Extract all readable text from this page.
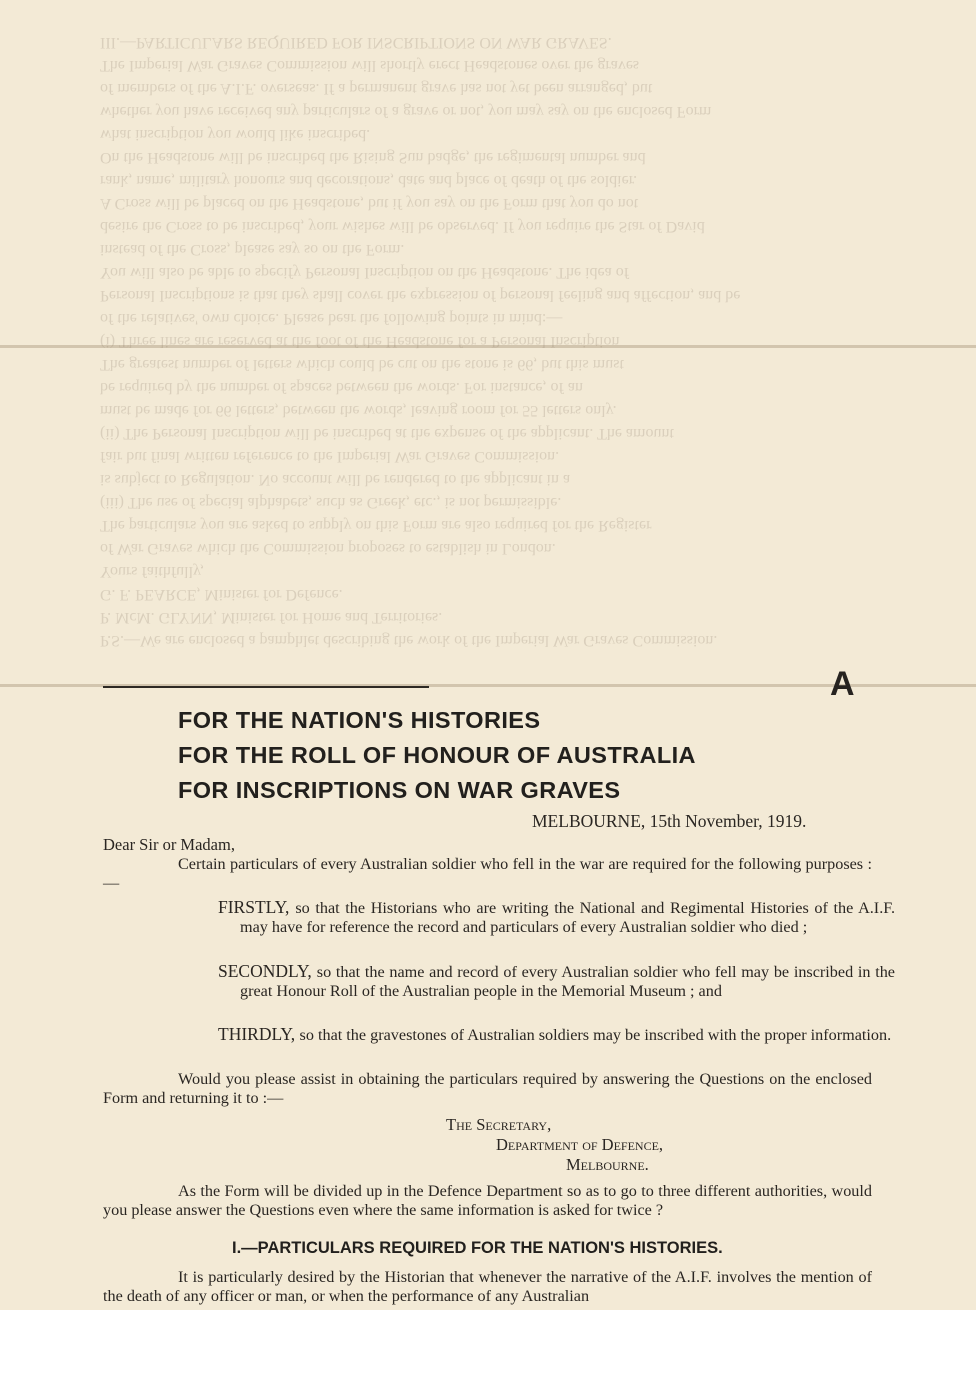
P.S.—We are enclosed a pamphlet describing the work of the Imperial War Graves Commission.

P. McM. GLYNN, Minister for Home and Territories.

G. F. PEARCE, Minister for Defence.

Yours faithfully,

of War Graves which the Commission proposes to establish in London.

The particulars you are asked to supply on this Form are also required for the Register

(iii) The use of special alphabets, such as Greek, etc., is not permissible.

is subject to Regulation. No account will be rendered to the applicant in a

fair but final written reference to the Imperial War Graves Commission.

(ii) The Personal Inscription will be inscribed at the expense of the applicant. The amount

must be made for 66 letters, between the words, leaving room for 55 letters only.

be required by the number of spaces between the words. For instance, of an

The greatest number of letters which could be cut on the stone is 66, but this must

(i) Three lines are reserved at the foot of the Headstone for a Personal Inscription

of the relatives' own choice. Please bear the following points in mind:—

Personal Inscriptions is that they shall cover the expression of personal feeling and affection, and be

You will also be able to specify Personal Inscription on the Headstone. The idea of

instead of the Cross, please say so on the Form.

desire the Cross to be inscribed, your wishes will be observed. If you require the Star of David

A Cross will be placed on the Headstone, but if you say on the Form that you do not

rank, name, military honours and decorations, date and place of death of the soldier.

On the Headstone will be inscribed the Rising Sun badge, the regimental number and

what inscription you would like inscribed.

whether you have received any particulars of a grave or not, you may say on the enclosed Form

of members of the A.I.F. overseas. If a permanent grave has not yet been arranged, but

The Imperial War Graves Commission will shortly erect Headstones over the graves

III.—PARTICULARS REQUIRED FOR INSCRIPTIONS ON WAR GRAVES.

A
FOR THE NATION'S HISTORIES
FOR THE ROLL OF HONOUR OF AUSTRALIA
FOR INSCRIPTIONS ON WAR GRAVES
MELBOURNE, 15th November, 1919.
Dear Sir or Madam,
Certain particulars of every Australian soldier who fell in the war are required for the following purposes :—
FIRSTLY, so that the Historians who are writing the National and Regimental Histories of the A.I.F. may have for reference the record and particulars of every Australian soldier who died ;
SECONDLY, so that the name and record of every Australian soldier who fell may be inscribed in the great Honour Roll of the Australian people in the Memorial Museum ; and
THIRDLY, so that the gravestones of Australian soldiers may be inscribed with the proper information.
Would you please assist in obtaining the particulars required by answering the Questions on the enclosed Form and returning it to :—
The Secretary,
Department of Defence,
Melbourne.
As the Form will be divided up in the Defence Department so as to go to three different authorities, would you please answer the Questions even where the same information is asked for twice ?
I.—PARTICULARS REQUIRED FOR THE NATION'S HISTORIES.
It is particularly desired by the Historian that whenever the narrative of the A.I.F. involves the mention of the death of any officer or man, or when the performance of any Australian
